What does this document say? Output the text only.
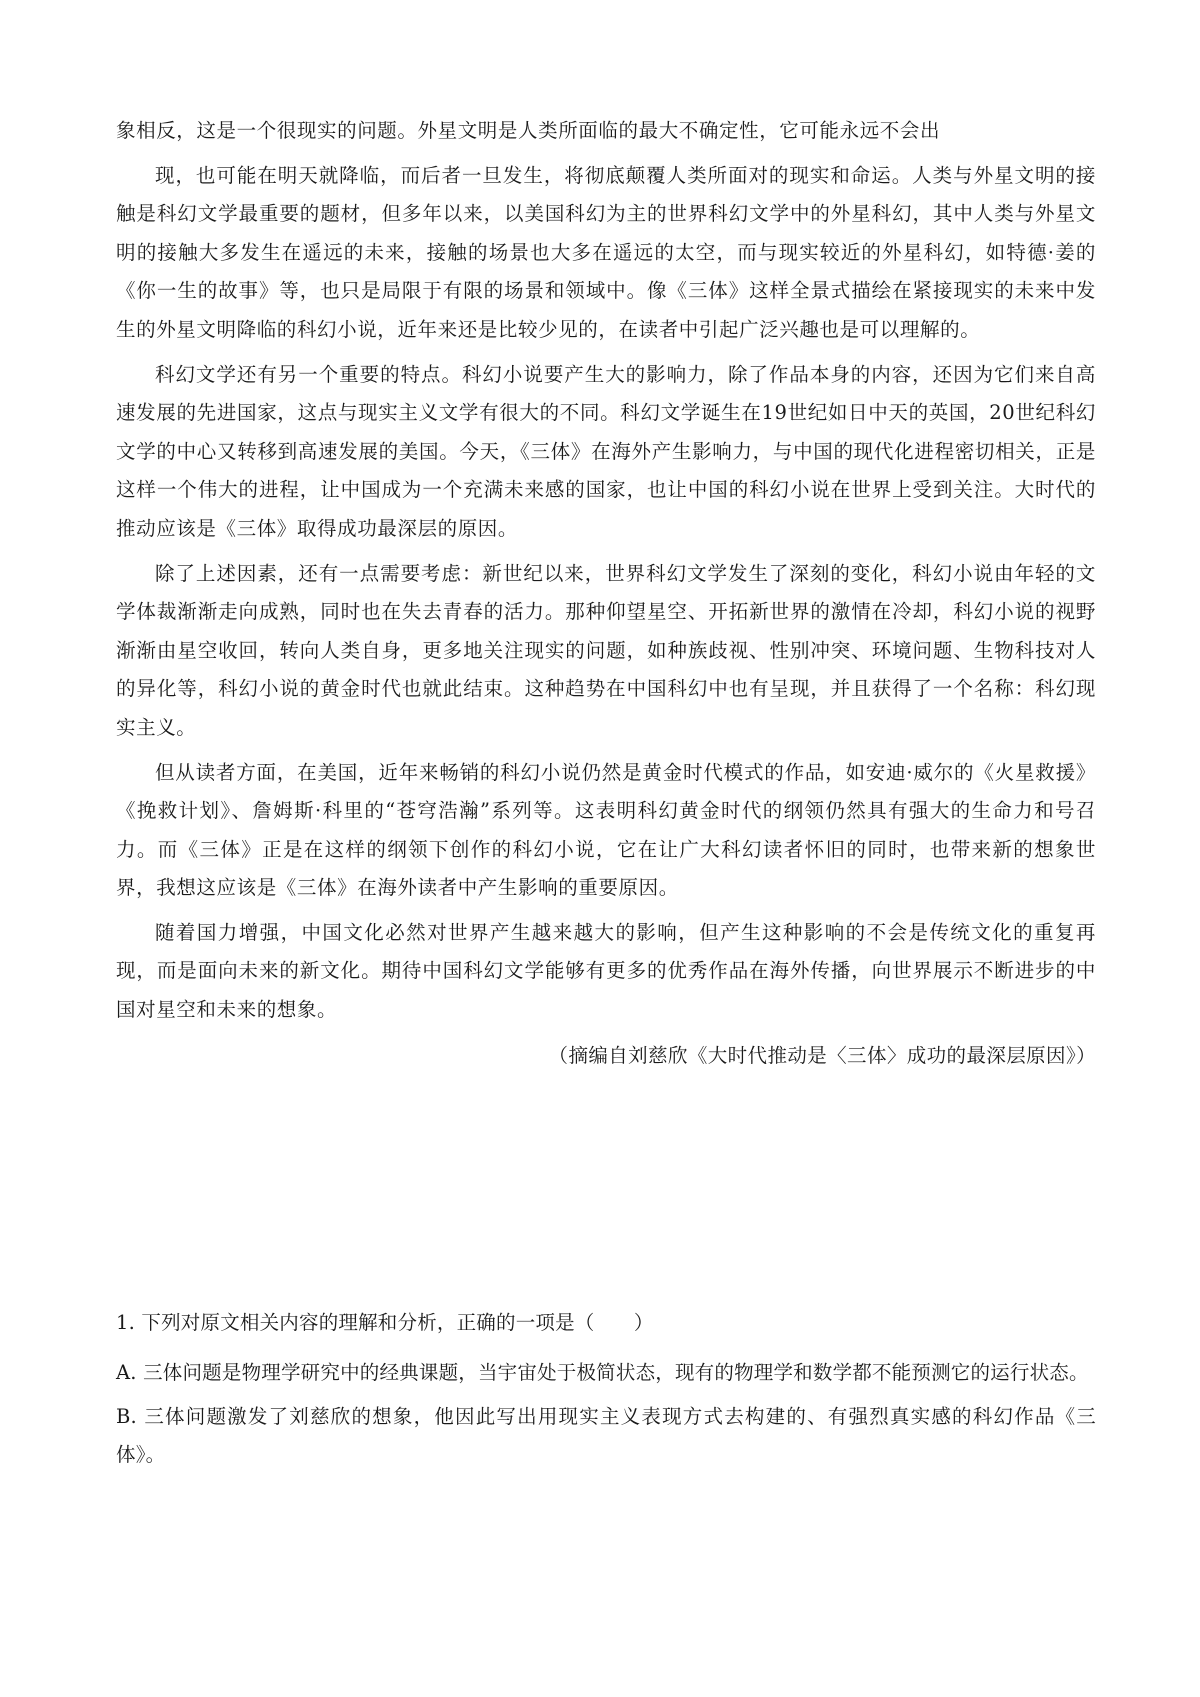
象相反，这是一个很现实的问题。外星文明是人类所面临的最大不确定性，它可能永远不会出

现，也可能在明天就降临，而后者一旦发生，将彻底颠覆人类所面对的现实和命运。人类与外星文明的接触是科幻文学最重要的题材，但多年以来，以美国科幻为主的世界科幻文学中的外星科幻，其中人类与外星文明的接触大多发生在遥远的未来，接触的场景也大多在遥远的太空，而与现实较近的外星科幻，如特德·姜的《你一生的故事》等，也只是局限于有限的场景和领域中。像《三体》这样全景式描绘在紧接现实的未来中发生的外星文明降临的科幻小说，近年来还是比较少见的，在读者中引起广泛兴趣也是可以理解的。

科幻文学还有另一个重要的特点。科幻小说要产生大的影响力，除了作品本身的内容，还因为它们来自高速发展的先进国家，这点与现实主义文学有很大的不同。科幻文学诞生在19世纪如日中天的英国，20世纪科幻文学的中心又转移到高速发展的美国。今天，《三体》在海外产生影响力，与中国的现代化进程密切相关，正是这样一个伟大的进程，让中国成为一个充满未来感的国家，也让中国的科幻小说在世界上受到关注。大时代的推动应该是《三体》取得成功最深层的原因。

除了上述因素，还有一点需要考虑：新世纪以来，世界科幻文学发生了深刻的变化，科幻小说由年轻的文学体裁渐渐走向成熟，同时也在失去青春的活力。那种仰望星空、开拓新世界的激情在冷却，科幻小说的视野渐渐由星空收回，转向人类自身，更多地关注现实的问题，如种族歧视、性别冲突、环境问题、生物科技对人的异化等，科幻小说的黄金时代也就此结束。这种趋势在中国科幻中也有呈现，并且获得了一个名称：科幻现实主义。

但从读者方面，在美国，近年来畅销的科幻小说仍然是黄金时代模式的作品，如安迪·威尔的《火星救援》《挽救计划》、詹姆斯·科里的“苍穹浩瀚”系列等。这表明科幻黄金时代的纲领仍然具有强大的生命力和号召力。而《三体》正是在这样的纲领下创作的科幻小说，它在让广大科幻读者怀旧的同时，也带来新的想象世界，我想这应该是《三体》在海外读者中产生影响的重要原因。

随着国力增强，中国文化必然对世界产生越来越大的影响，但产生这种影响的不会是传统文化的重复再现，而是面向未来的新文化。期待中国科幻文学能够有更多的优秀作品在海外传播，向世界展示不断进步的中国对星空和未来的想象。

（摘编自刘慈欣《大时代推动是〈三体〉成功的最深层原因》）

1. 下列对原文相关内容的理解和分析，正确的一项是（　　）

A. 三体问题是物理学研究中的经典课题，当宇宙处于极简状态，现有的物理学和数学都不能预测它的运行状态。

B. 三体问题激发了刘慈欣的想象，他因此写出用现实主义表现方式去构建的、有强烈真实感的科幻作品《三体》。
